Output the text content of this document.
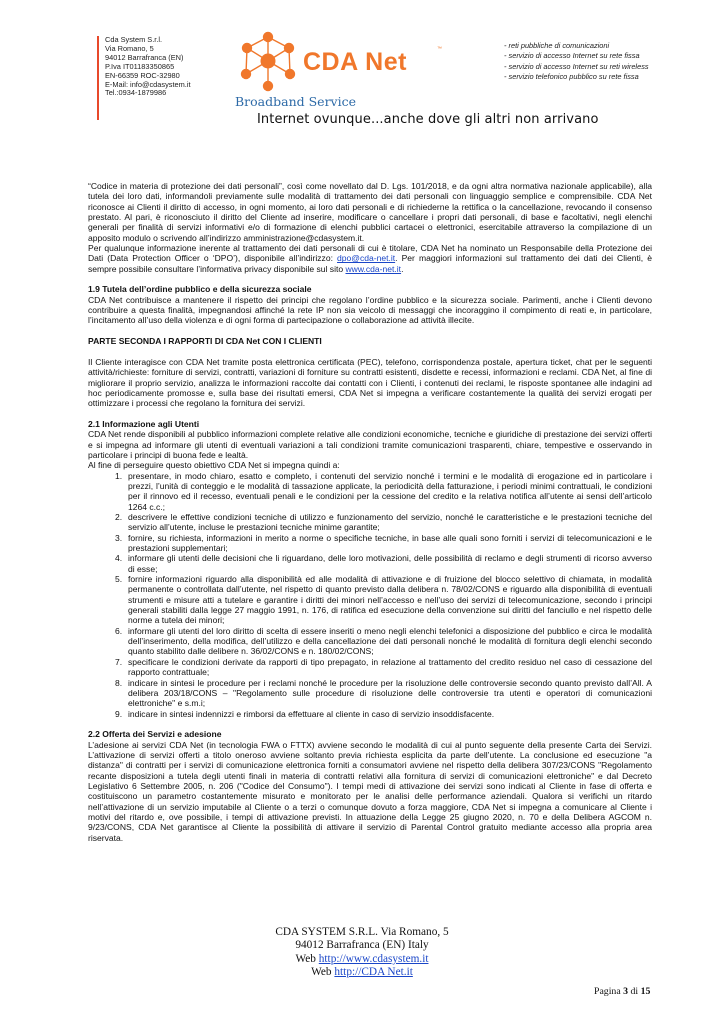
Cda System S.r.l.
Via Romano, 5
94012 Barrafranca (EN)
P.Iva IT01183350865
EN-66359 ROC-32980
E-Mail: info@cdasystem.it
Tel.:0934-1879986
CDA Net	™
Broadband Service
Internet ovunque...anche dove gli altri non arrivano
- reti pubbliche di comunicazioni
- servizio di accesso Internet su rete fissa
- servizio di accesso Internet su reti wireless
- servizio telefonico pubblico su rete fissa

“Codice in materia di protezione dei dati personali”, così come novellato dal D. Lgs. 101/2018, e da ogni altra normativa nazionale applicabile), alla tutela dei loro dati, informandoli previamente sulle modalità di trattamento dei dati personali con linguaggio semplice e comprensibile. CDA Net riconosce ai Clienti il diritto di accesso, in ogni momento, ai loro dati personali e di richiederne la rettifica o la cancellazione, revocando il consenso prestato. Al pari, è riconosciuto il diritto del Cliente ad inserire, modificare o cancellare i propri dati personali, di base e facoltativi, negli elenchi generali per finalità di servizi informativi e/o di formazione di elenchi pubblici cartacei o elettronici, esercitabile attraverso la compilazione di un apposito modulo o scrivendo all’indirizzo amministrazione@cdasystem.it.

Per qualunque informazione inerente al trattamento dei dati personali di cui è titolare, CDA Net ha nominato un Responsabile della Protezione dei Dati (Data Protection Officer o ‘DPO’), disponibile all’indirizzo: dpo@cda-net.it. Per maggiori informazioni sul trattamento dei dati dei Clienti, è sempre possibile consultare l’informativa privacy disponibile sul sito www.cda-net.it.

1.9 Tutela dell’ordine pubblico e della sicurezza sociale

CDA Net contribuisce a mantenere il rispetto dei principi che regolano l’ordine pubblico e la sicurezza sociale. Parimenti, anche i Clienti devono contribuire a questa finalità, impegnandosi affinché la rete IP non sia veicolo di messaggi che incoraggino il compimento di reati e, in particolare, l’incitamento all’uso della violenza e di ogni forma di partecipazione o collaborazione ad attività illecite.

PARTE SECONDA I RAPPORTI DI CDA Net CON I CLIENTI

Il Cliente interagisce con CDA Net tramite posta elettronica certificata (PEC), telefono, corrispondenza postale, apertura ticket, chat per le seguenti attività/richieste: forniture di servizi, contratti, variazioni di forniture su contratti esistenti, disdette e recessi, informazioni e reclami. CDA Net, al fine di migliorare il proprio servizio, analizza le informazioni raccolte dai contatti con i Clienti, i contenuti dei reclami, le risposte spontanee alle indagini ad hoc periodicamente promosse e, sulla base dei risultati emersi, CDA Net si impegna a verificare costantemente la qualità dei servizi erogati per ottimizzare i processi che regolano la fornitura dei servizi.

2.1 Informazione agli Utenti

CDA Net rende disponibili al pubblico informazioni complete relative alle condizioni economiche, tecniche e giuridiche di prestazione dei servizi offerti e si impegna ad informare gli utenti di eventuali variazioni a tali condizioni tramite comunicazioni trasparenti, chiare, tempestive e osservando in particolare i principi di buona fede e lealtà.

Al fine di perseguire questo obiettivo CDA Net si impegna quindi a:

1. presentare, in modo chiaro, esatto e completo, i contenuti del servizio nonché i termini e le modalità di erogazione ed in particolare i prezzi, l’unità di conteggio e le modalità di tassazione applicate, la periodicità della fatturazione, i periodi minimi contrattuali, le condizioni per il rinnovo ed il recesso, eventuali penali e le condizioni per la cessione del credito e la relativa notifica all’utente ai sensi dell’articolo 1264 c.c.;
2. descrivere le effettive condizioni tecniche di utilizzo e funzionamento del servizio, nonché le caratteristiche e le prestazioni tecniche del servizio all’utente, incluse le prestazioni tecniche minime garantite;
3. fornire, su richiesta, informazioni in merito a norme o specifiche tecniche, in base alle quali sono forniti i servizi di telecomunicazioni e le prestazioni supplementari;
4. informare gli utenti delle decisioni che li riguardano, delle loro motivazioni, delle possibilità di reclamo e degli strumenti di ricorso avverso di esse;
5. fornire informazioni riguardo alla disponibilità ed alle modalità di attivazione e di fruizione del blocco selettivo di chiamata, in modalità permanente o controllata dall’utente, nel rispetto di quanto previsto dalla delibera n. 78/02/CONS e riguardo alla disponibilità di eventuali strumenti e misure atti a tutelare e garantire i diritti dei minori nell’accesso e nell’uso dei servizi di telecomunicazione, secondo i principi generali stabiliti dalla legge 27 maggio 1991, n. 176, di ratifica ed esecuzione della convenzione sui diritti del fanciullo e nel rispetto delle norme a tutela dei minori;
6. informare gli utenti del loro diritto di scelta di essere inseriti o meno negli elenchi telefonici a disposizione del pubblico e circa le modalità dell’inserimento, della modifica, dell’utilizzo e della cancellazione dei dati personali nonché le modalità di fornitura degli elenchi secondo quanto stabilito dalle delibere n. 36/02/CONS e n. 180/02/CONS;
7. specificare le condizioni derivate da rapporti di tipo prepagato, in relazione al trattamento del credito residuo nel caso di cessazione del rapporto contrattuale;
8. indicare in sintesi le procedure per i reclami nonché le procedure per la risoluzione delle controversie secondo quanto previsto dall’All. A delibera 203/18/CONS – "Regolamento sulle procedure di risoluzione delle controversie tra utenti e operatori di comunicazioni elettroniche" e s.m.i;
9. indicare in sintesi indennizzi e rimborsi da effettuare al cliente in caso di servizio insoddisfacente.

2.2 Offerta dei Servizi e adesione

L’adesione ai servizi CDA Net (in tecnologia FWA o FTTX) avviene secondo le modalità di cui al punto seguente della presente Carta dei Servizi. L’attivazione di servizi offerti a titolo oneroso avviene soltanto previa richiesta esplicita da parte dell’utente. La conclusione ed esecuzione "a distanza" di contratti per i servizi di comunicazione elettronica forniti a consumatori avviene nel rispetto della delibera 307/23/CONS "Regolamento recante disposizioni a tutela degli utenti finali in materia di contratti relativi alla fornitura di servizi di comunicazioni elettroniche" e dal Decreto Legislativo 6 Settembre 2005, n. 206 ("Codice del Consumo"). I tempi medi di attivazione dei servizi sono indicati al Cliente in fase di offerta e costituiscono un parametro costantemente misurato e monitorato per le analisi delle performance aziendali. Qualora si verifichi un ritardo nell’attivazione di un servizio imputabile al Cliente o a terzi o comunque dovuto a forza maggiore, CDA Net si impegna a comunicare al Cliente i motivi del ritardo e, ove possibile, i tempi di attivazione previsti. In attuazione della Legge 25 giugno 2020, n. 70 e della Delibera AGCOM n. 9/23/CONS, CDA Net garantisce al Cliente la possibilità di attivare il servizio di Parental Control gratuito mediante accesso alla propria area riservata.

CDA SYSTEM S.R.L. Via Romano, 5
94012 Barrafranca (EN) Italy
Web http://www.cdasystem.it
Web http://CDA Net.it
Pagina 3 di 15
